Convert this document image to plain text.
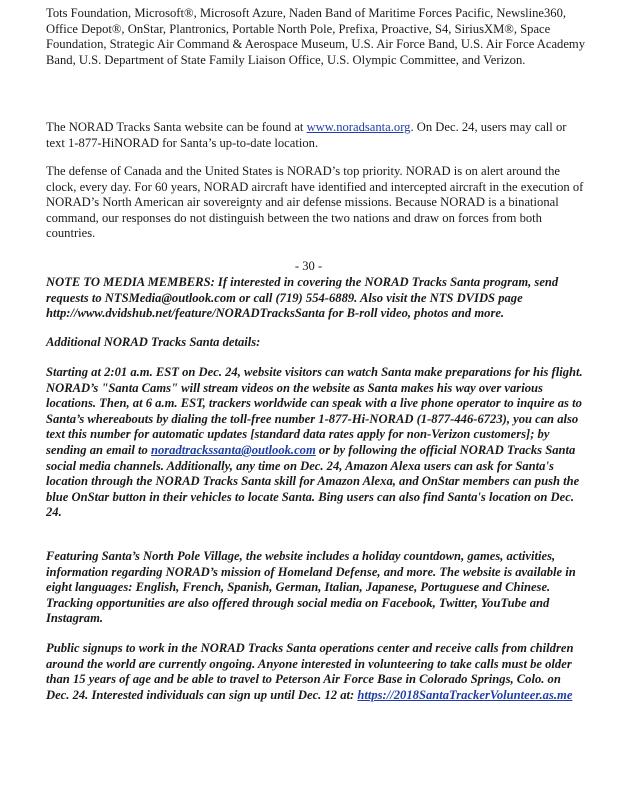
Tots Foundation, Microsoft®, Microsoft Azure, Naden Band of Maritime Forces Pacific, Newsline360, Office Depot®, OnStar, Plantronics, Portable North Pole, Prefixa, Proactive, S4, SiriusXM®, Space Foundation, Strategic Air Command & Aerospace Museum, U.S. Air Force Band, U.S. Air Force Academy Band, U.S. Department of State Family Liaison Office, U.S. Olympic Committee, and Verizon.

The NORAD Tracks Santa website can be found at www.noradsanta.org. On Dec. 24, users may call or text 1-877-HiNORAD for Santa’s up-to-date location.

The defense of Canada and the United States is NORAD’s top priority. NORAD is on alert around the clock, every day. For 60 years, NORAD aircraft have identified and intercepted aircraft in the execution of NORAD’s North American air sovereignty and air defense missions. Because NORAD is a binational command, our responses do not distinguish between the two nations and draw on forces from both countries.

- 30 -

NOTE TO MEDIA MEMBERS: If interested in covering the NORAD Tracks Santa program, send requests to NTSMedia@outlook.com or call (719) 554-6889. Also visit the NTS DVIDS page http://www.dvidshub.net/feature/NORADTracksSanta for B-roll video, photos and more.

Additional NORAD Tracks Santa details:

Starting at 2:01 a.m. EST on Dec. 24, website visitors can watch Santa make preparations for his flight. NORAD’s "Santa Cams" will stream videos on the website as Santa makes his way over various locations. Then, at 6 a.m. EST, trackers worldwide can speak with a live phone operator to inquire as to Santa’s whereabouts by dialing the toll-free number 1-877-Hi-NORAD (1-877-446-6723), you can also text this number for automatic updates [standard data rates apply for non-Verizon customers]; by sending an email to noradtrackssanta@outlook.com or by following the official NORAD Tracks Santa social media channels. Additionally, any time on Dec. 24, Amazon Alexa users can ask for Santa's location through the NORAD Tracks Santa skill for Amazon Alexa, and OnStar members can push the blue OnStar button in their vehicles to locate Santa. Bing users can also find Santa's location on Dec. 24.

Featuring Santa’s North Pole Village, the website includes a holiday countdown, games, activities, information regarding NORAD’s mission of Homeland Defense, and more. The website is available in eight languages: English, French, Spanish, German, Italian, Japanese, Portuguese and Chinese. Tracking opportunities are also offered through social media on Facebook, Twitter, YouTube and Instagram.

Public signups to work in the NORAD Tracks Santa operations center and receive calls from children around the world are currently ongoing. Anyone interested in volunteering to take calls must be older than 15 years of age and be able to travel to Peterson Air Force Base in Colorado Springs, Colo. on Dec. 24. Interested individuals can sign up until Dec. 12 at: https://2018SantaTrackerVolunteer.as.me
